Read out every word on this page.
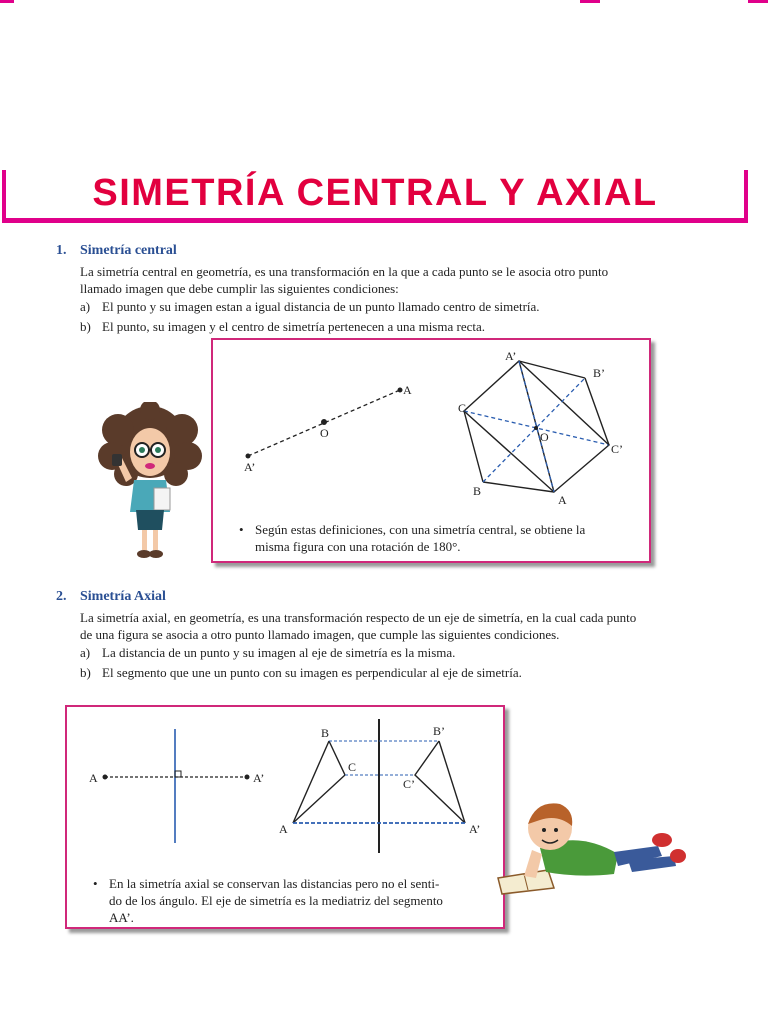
SIMETRÍA CENTRAL Y AXIAL
1. Simetría central
La simetría central en geometría, es una transformación en la que a cada punto se le asocia otro punto
llamado imagen que debe cumplir las siguientes condiciones:
a) El punto y su imagen estan a igual distancia de un punto llamado centro de simetría.
b) El punto, su imagen y el centro de simetría pertenecen a una misma recta.
A
O
A’
A’
B’
C
O
C’
B
A
• Según estas definiciones, con una simetría central, se obtiene la
misma figura con una rotación de 180°.
2. Simetría Axial
La simetría axial, en geometría, es una transformación respecto de un eje de simetría, en la cual cada punto
de una figura se asocia a otro punto llamado imagen, que cumple las siguientes condiciones.
a) La distancia de un punto y su imagen al eje de simetría es la misma.
b) El segmento que une un punto con su imagen es perpendicular al eje de simetría.
A	A’
B	B’
C
C’
A	A’
• En la simetría axial se conservan las distancias pero no el senti-
do de los ángulo. El eje de simetría es la mediatriz del segmento
AA’.
